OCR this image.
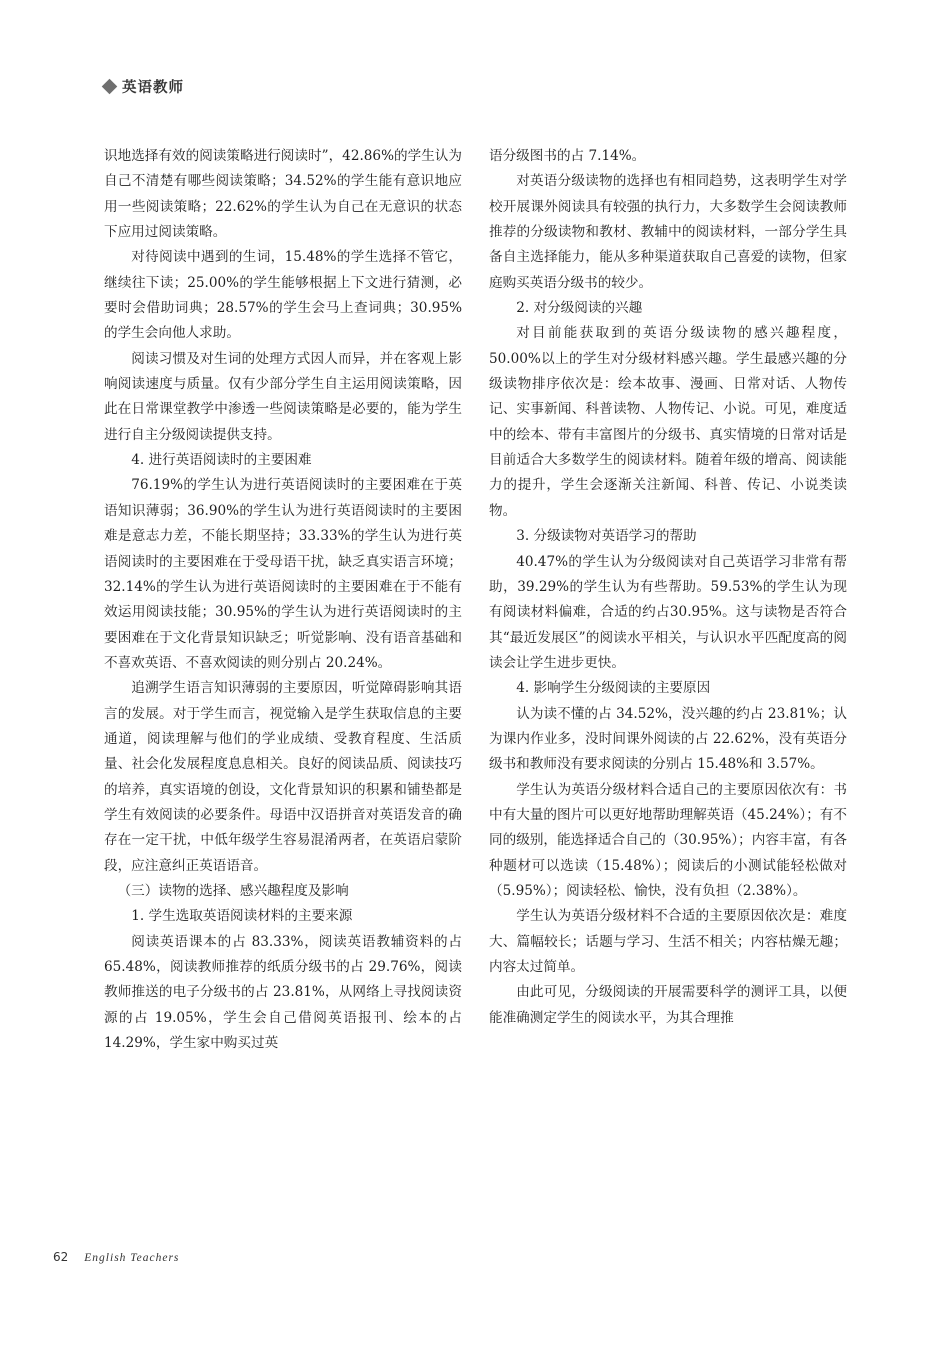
英语教师

识地选择有效的阅读策略进行阅读时”，42.86%的学生认为自己不清楚有哪些阅读策略；34.52%的学生能有意识地应用一些阅读策略；22.62%的学生认为自己在无意识的状态下应用过阅读策略。

对待阅读中遇到的生词，15.48%的学生选择不管它，继续往下读；25.00%的学生能够根据上下文进行猜测，必要时会借助词典；28.57%的学生会马上查词典；30.95%的学生会向他人求助。

阅读习惯及对生词的处理方式因人而异，并在客观上影响阅读速度与质量。仅有少部分学生自主运用阅读策略，因此在日常课堂教学中渗透一些阅读策略是必要的，能为学生进行自主分级阅读提供支持。

4. 进行英语阅读时的主要困难

76.19%的学生认为进行英语阅读时的主要困难在于英语知识薄弱；36.90%的学生认为进行英语阅读时的主要困难是意志力差，不能长期坚持；33.33%的学生认为进行英语阅读时的主要困难在于受母语干扰，缺乏真实语言环境；32.14%的学生认为进行英语阅读时的主要困难在于不能有效运用阅读技能；30.95%的学生认为进行英语阅读时的主要困难在于文化背景知识缺乏；听觉影响、没有语音基础和不喜欢英语、不喜欢阅读的则分别占 20.24%。

追溯学生语言知识薄弱的主要原因，听觉障碍影响其语言的发展。对于学生而言，视觉输入是学生获取信息的主要通道，阅读理解与他们的学业成绩、受教育程度、生活质量、社会化发展程度息息相关。良好的阅读品质、阅读技巧的培养，真实语境的创设，文化背景知识的积累和铺垫都是学生有效阅读的必要条件。母语中汉语拼音对英语发音的确存在一定干扰，中低年级学生容易混淆两者，在英语启蒙阶段，应注意纠正英语语音。

（三）读物的选择、感兴趣程度及影响

1. 学生选取英语阅读材料的主要来源

阅读英语课本的占 83.33%，阅读英语教辅资料的占 65.48%，阅读教师推荐的纸质分级书的占 29.76%，阅读教师推送的电子分级书的占 23.81%，从网络上寻找阅读资源的占 19.05%，学生会自己借阅英语报刊、绘本的占 14.29%，学生家中购买过英

语分级图书的占 7.14%。

对英语分级读物的选择也有相同趋势，这表明学生对学校开展课外阅读具有较强的执行力，大多数学生会阅读教师推荐的分级读物和教材、教辅中的阅读材料，一部分学生具备自主选择能力，能从多种渠道获取自己喜爱的读物，但家庭购买英语分级书的较少。

2. 对分级阅读的兴趣

对目前能获取到的英语分级读物的感兴趣程度，50.00%以上的学生对分级材料感兴趣。学生最感兴趣的分级读物排序依次是：绘本故事、漫画、日常对话、人物传记、实事新闻、科普读物、人物传记、小说。可见，难度适中的绘本、带有丰富图片的分级书、真实情境的日常对话是目前适合大多数学生的阅读材料。随着年级的增高、阅读能力的提升，学生会逐渐关注新闻、科普、传记、小说类读物。

3. 分级读物对英语学习的帮助

40.47%的学生认为分级阅读对自己英语学习非常有帮助，39.29%的学生认为有些帮助。59.53%的学生认为现有阅读材料偏难，合适的约占30.95%。这与读物是否符合其“最近发展区”的阅读水平相关，与认识水平匹配度高的阅读会让学生进步更快。

4. 影响学生分级阅读的主要原因

认为读不懂的占 34.52%，没兴趣的约占 23.81%；认为课内作业多，没时间课外阅读的占 22.62%，没有英语分级书和教师没有要求阅读的分别占 15.48%和 3.57%。

学生认为英语分级材料合适自己的主要原因依次有：书中有大量的图片可以更好地帮助理解英语（45.24%）；有不同的级别，能选择适合自己的（30.95%）；内容丰富，有各种题材可以选读（15.48%）；阅读后的小测试能轻松做对（5.95%）；阅读轻松、愉快，没有负担（2.38%）。

学生认为英语分级材料不合适的主要原因依次是：难度大、篇幅较长；话题与学习、生活不相关；内容枯燥无趣；内容太过简单。

由此可见，分级阅读的开展需要科学的测评工具，以便能准确测定学生的阅读水平，为其合理推

62 English Teachers
